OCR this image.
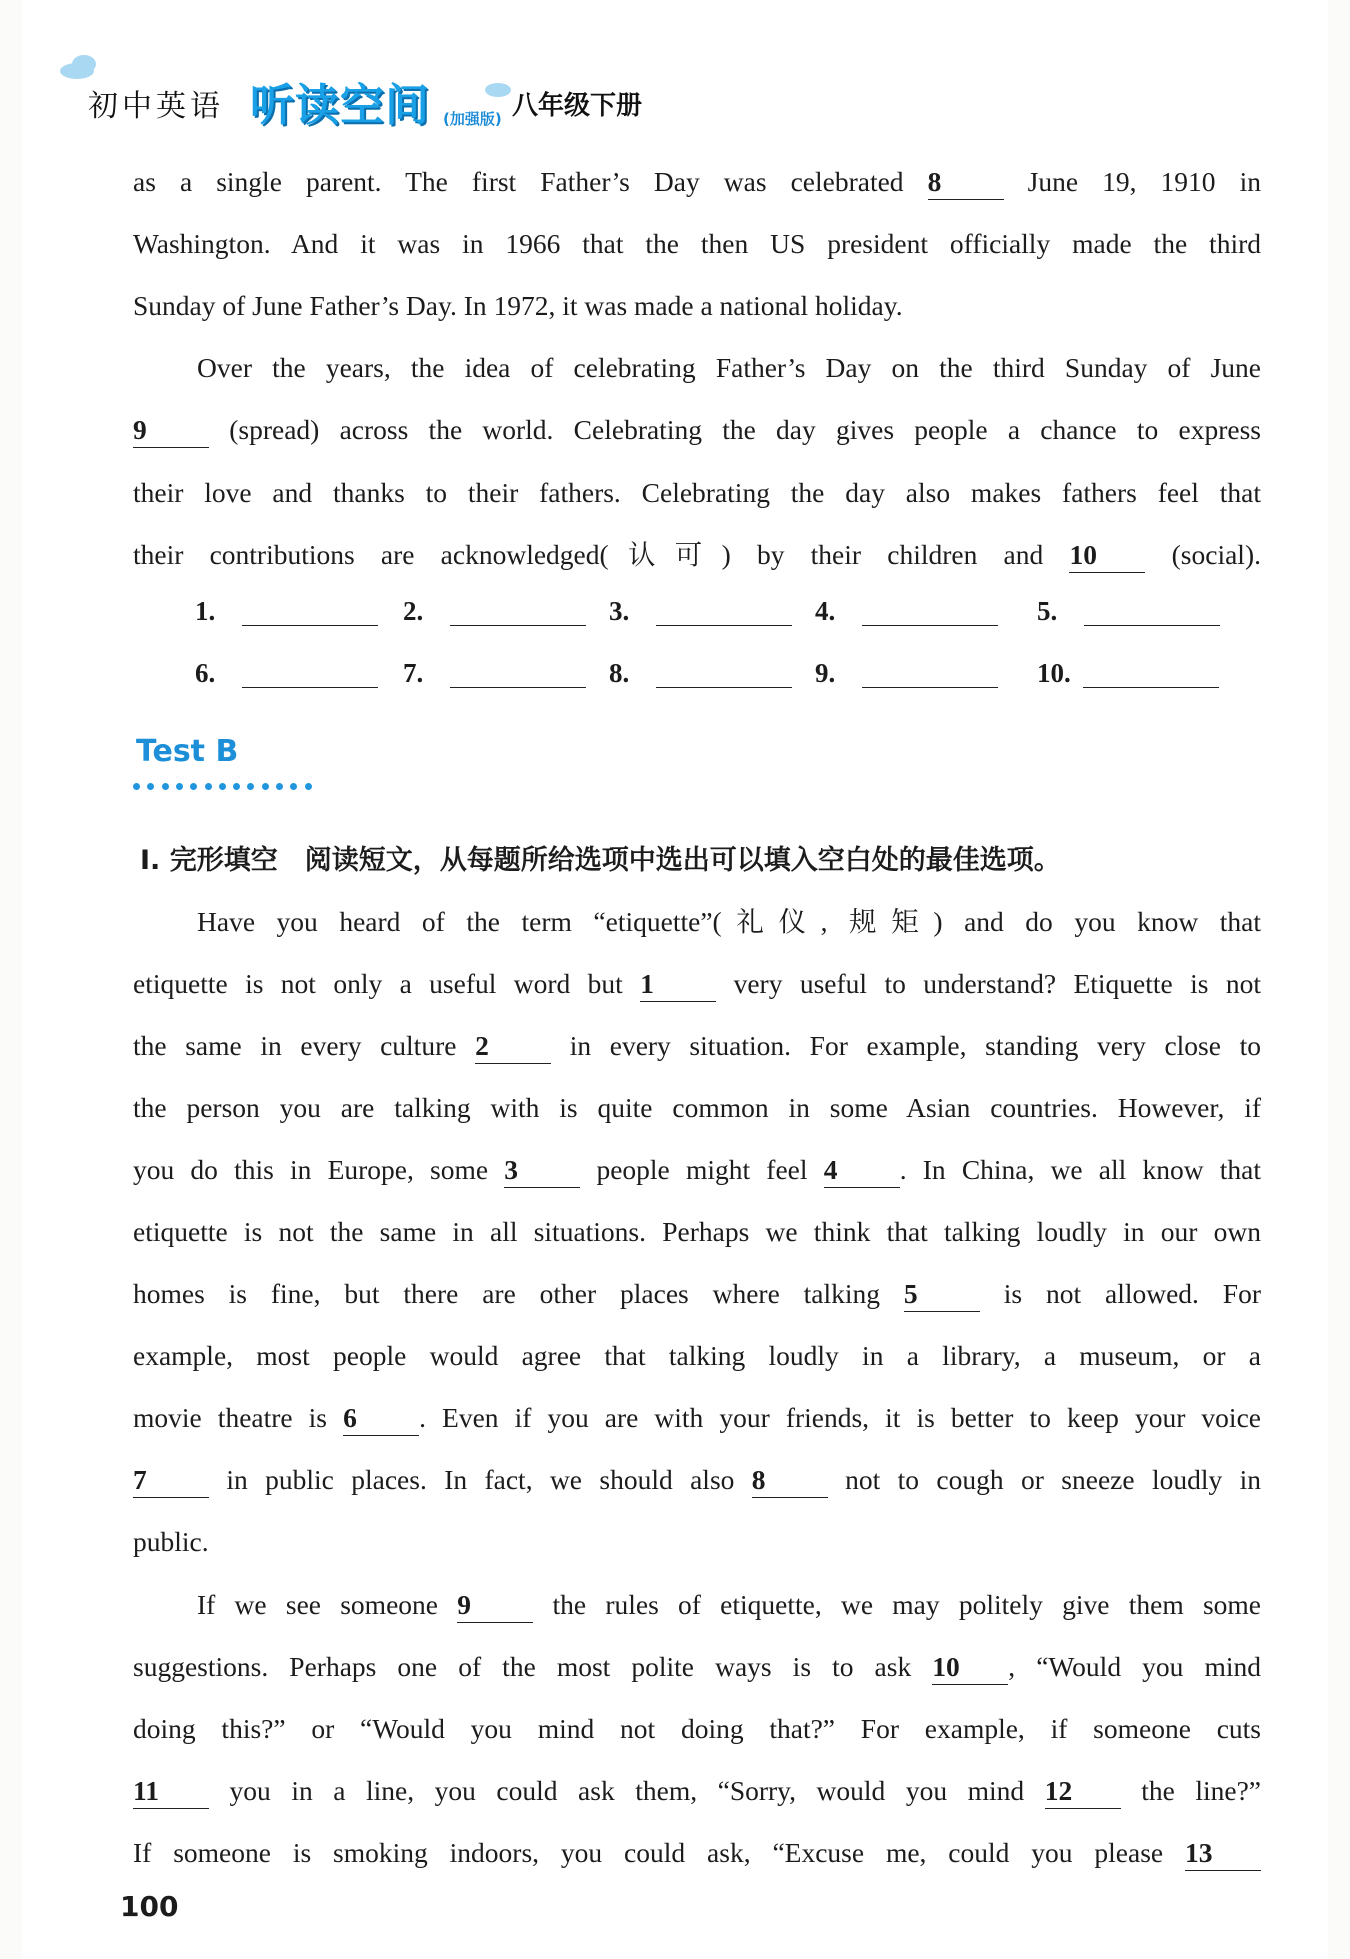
初中英语 听读空间 (加强版) 八年级下册
as a single parent. The first Father’s Day was celebrated 8 June 19, 1910 in
Washington. And it was in 1966 that the then US president officially made the third
Sunday of June Father’s Day. In 1972, it was made a national holiday.
Over the years, the idea of celebrating Father’s Day on the third Sunday of June
9 (spread) across the world. Celebrating the day gives people a chance to express
their love and thanks to their fathers. Celebrating the day also makes fathers feel that
their contributions are acknowledged(认可) by their children and 10 (social).
1.	2.	3.	4.	5.
6.	7.	8.	9.	10.
Test B
Ⅰ. 完形填空　阅读短文，从每题所给选项中选出可以填入空白处的最佳选项。
Have you heard of the term “etiquette”(礼仪, 规矩) and do you know that
etiquette is not only a useful word but 1 very useful to understand? Etiquette is not
the same in every culture 2 in every situation. For example, standing very close to
the person you are talking with is quite common in some Asian countries. However, if
you do this in Europe, some 3 people might feel 4 . In China, we all know that
etiquette is not the same in all situations. Perhaps we think that talking loudly in our own
homes is fine, but there are other places where talking 5 is not allowed. For
example, most people would agree that talking loudly in a library, a museum, or a
movie theatre is 6 . Even if you are with your friends, it is better to keep your voice
7 in public places. In fact, we should also 8 not to cough or sneeze loudly in
public.
If we see someone 9 the rules of etiquette, we may politely give them some
suggestions. Perhaps one of the most polite ways is to ask 10 , “Would you mind
doing this?” or “Would you mind not doing that?” For example, if someone cuts
11 you in a line, you could ask them, “Sorry, would you mind 12 the line?”
If someone is smoking indoors, you could ask, “Excuse me, could you please 13
100
